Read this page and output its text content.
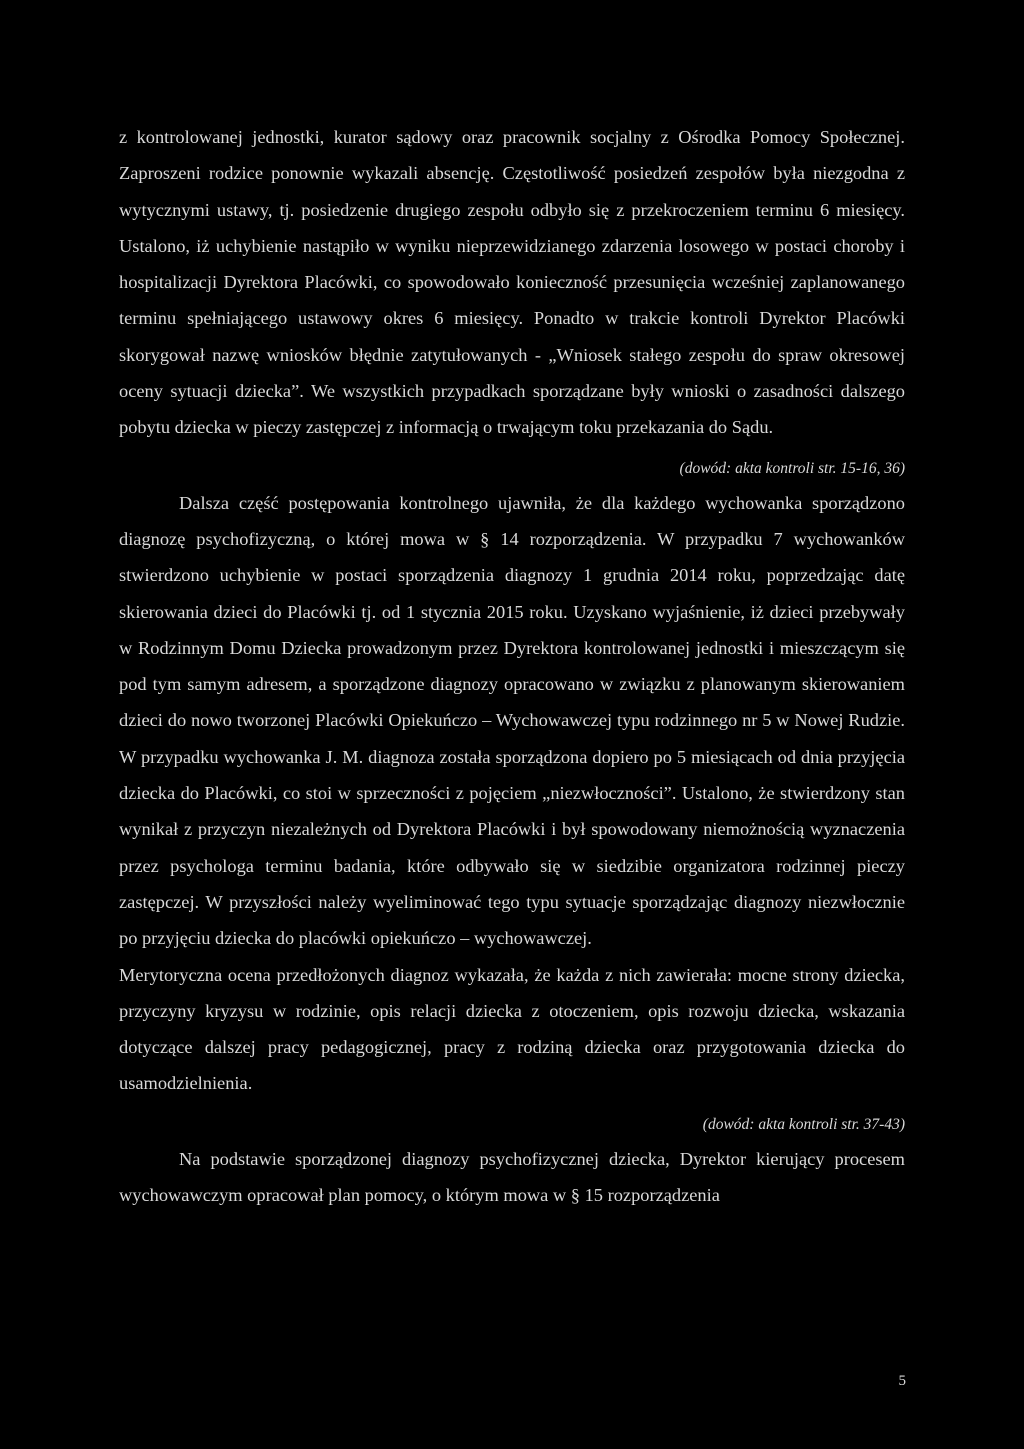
z kontrolowanej jednostki, kurator sądowy oraz pracownik socjalny z Ośrodka Pomocy Społecznej. Zaproszeni rodzice ponownie wykazali absencję. Częstotliwość posiedzeń zespołów była niezgodna z wytycznymi ustawy, tj. posiedzenie drugiego zespołu odbyło się z przekroczeniem terminu 6 miesięcy. Ustalono, iż uchybienie nastąpiło w wyniku nieprzewidzianego zdarzenia losowego w postaci choroby i hospitalizacji Dyrektora Placówki, co spowodowało konieczność przesunięcia wcześniej zaplanowanego terminu spełniającego ustawowy okres 6 miesięcy. Ponadto w trakcie kontroli Dyrektor Placówki skorygował nazwę wniosków błędnie zatytułowanych - „Wniosek stałego zespołu do spraw okresowej oceny sytuacji dziecka”. We wszystkich przypadkach sporządzane były wnioski o zasadności dalszego pobytu dziecka w pieczy zastępczej z informacją o trwającym toku przekazania do Sądu.

(dowód: akta kontroli str. 15-16, 36)

Dalsza część postępowania kontrolnego ujawniła, że dla każdego wychowanka sporządzono diagnozę psychofizyczną, o której mowa w § 14 rozporządzenia. W przypadku 7 wychowanków stwierdzono uchybienie w postaci sporządzenia diagnozy 1 grudnia 2014 roku, poprzedzając datę skierowania dzieci do Placówki tj. od 1 stycznia 2015 roku. Uzyskano wyjaśnienie, iż dzieci przebywały w Rodzinnym Domu Dziecka prowadzonym przez Dyrektora kontrolowanej jednostki i mieszczącym się pod tym samym adresem, a sporządzone diagnozy opracowano w związku z planowanym skierowaniem dzieci do nowo tworzonej Placówki Opiekuńczo – Wychowawczej typu rodzinnego nr 5 w Nowej Rudzie. W przypadku wychowanka J. M. diagnoza została sporządzona dopiero po 5 miesiącach od dnia przyjęcia dziecka do Placówki, co stoi w sprzeczności z pojęciem „niezwłoczności”. Ustalono, że stwierdzony stan wynikał z przyczyn niezależnych od Dyrektora Placówki i był spowodowany niemożnością wyznaczenia przez psychologa terminu badania, które odbywało się w siedzibie organizatora rodzinnej pieczy zastępczej. W przyszłości należy wyeliminować tego typu sytuacje sporządzając diagnozy niezwłocznie po przyjęciu dziecka do placówki opiekuńczo – wychowawczej.

Merytoryczna ocena przedłożonych diagnoz wykazała, że każda z nich zawierała: mocne strony dziecka, przyczyny kryzysu w rodzinie, opis relacji dziecka z otoczeniem, opis rozwoju dziecka, wskazania dotyczące dalszej pracy pedagogicznej, pracy z rodziną dziecka oraz przygotowania dziecka do usamodzielnienia.

(dowód: akta kontroli str. 37-43)

Na podstawie sporządzonej diagnozy psychofizycznej dziecka, Dyrektor kierujący procesem wychowawczym opracował plan pomocy, o którym mowa w § 15 rozporządzenia

5
